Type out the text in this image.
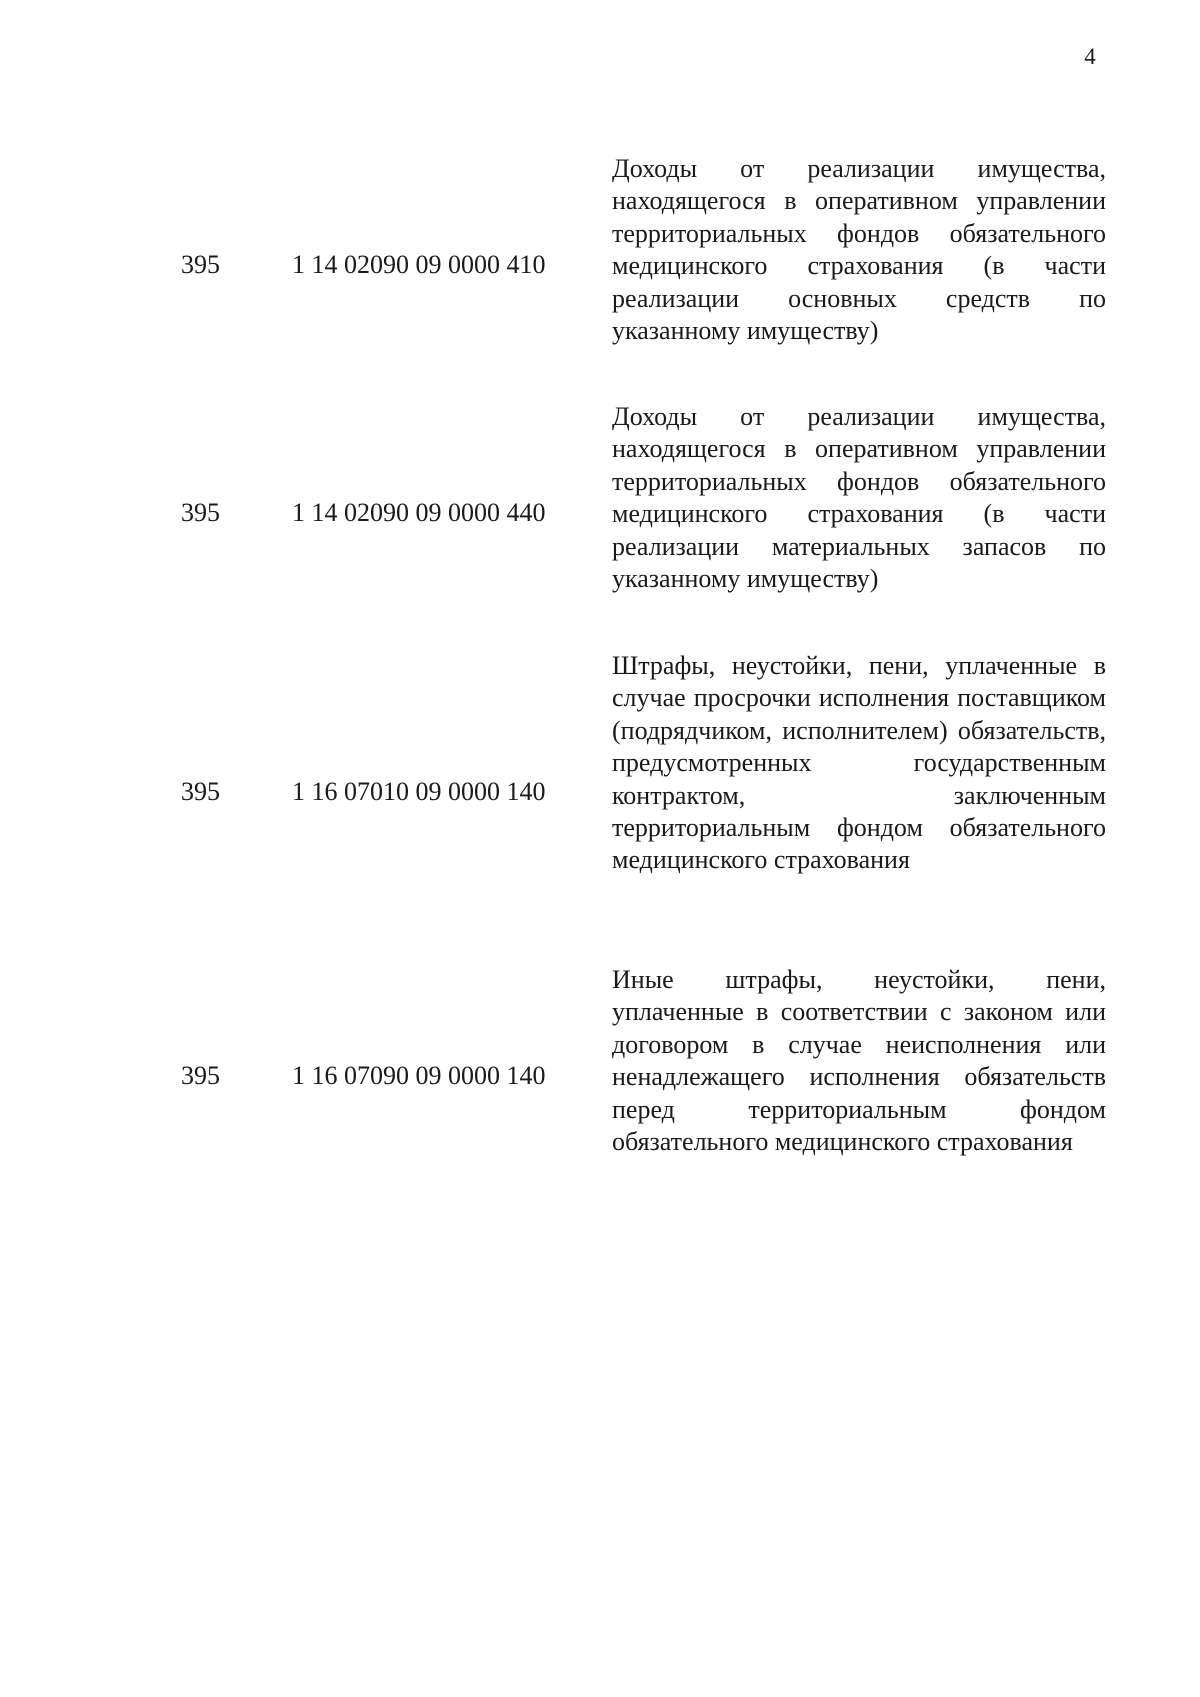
4
395	1 14 02090 09 0000 410
Доходы от реализации имущества, находящегося в оперативном управлении территориальных фондов обязательного медицинского страхования (в части реализации основных средств по указанному имуществу)
395	1 14 02090 09 0000 440
Доходы от реализации имущества, находящегося в оперативном управлении территориальных фондов обязательного медицинского страхования (в части реализации материальных запасов по указанному имуществу)
395	1 16 07010 09 0000 140
Штрафы, неустойки, пени, уплаченные в случае просрочки исполнения поставщиком (подрядчиком, исполнителем) обязательств, предусмотренных государственным контрактом, заключенным территориальным фондом обязательного медицинского страхования
395	1 16 07090 09 0000 140
Иные штрафы, неустойки, пени, уплаченные в соответствии с законом или договором в случае неисполнения или ненадлежащего исполнения обязательств перед территориальным фондом обязательного медицинского страхования
